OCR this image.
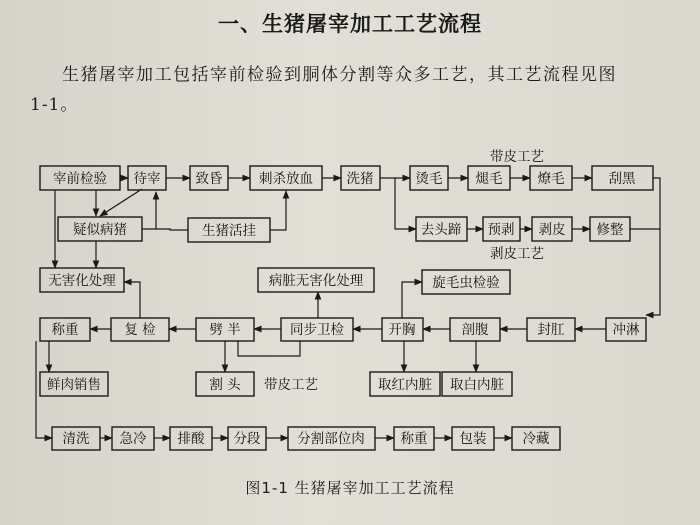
一、生猪屠宰加工工艺流程
生猪屠宰加工包括宰前检验到胴体分割等众多工艺，其工艺流程见图
1-1。
宰前检验 待宰	致昏	刺杀放血 洗猪	烫毛 煺毛	燎毛	刮黑
疑似病猪	生猪活挂	去头蹄 预剥 剥皮 修整
无害化处理	病脏无害化处理	旋毛虫检验
称重	复 检	劈 半	同步卫检	开胸	剖腹	封肛	冲淋
割 头	取红内脏 取白内脏
鲜肉销售
清洗 急冷 排酸 分段	分割部位肉	称重 包装	冷藏
带皮工艺
剥皮工艺
带皮工艺
图1-1 生猪屠宰加工工艺流程
